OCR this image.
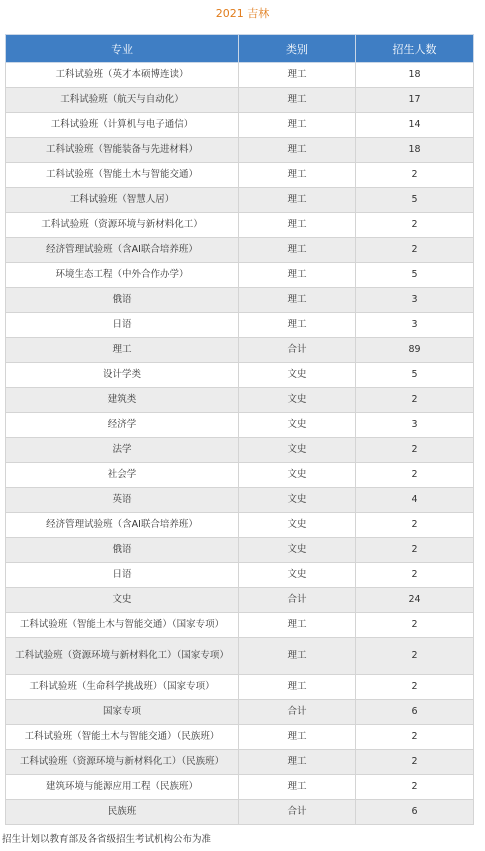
2021 吉林
专业	类别	招生人数
工科试验班（英才本硕博连读）	理工	18
工科试验班（航天与自动化）	理工	17
工科试验班（计算机与电子通信）	理工	14
工科试验班（智能装备与先进材料）	理工	18
工科试验班（智能土木与智能交通）	理工	2
工科试验班（智慧人居）	理工	5
工科试验班（资源环境与新材料化工）	理工	2
经济管理试验班（含AI联合培养班）	理工	2
环境生态工程（中外合作办学）	理工	5
俄语	理工	3
日语	理工	3
理工	合计	89
设计学类	文史	5
建筑类	文史	2
经济学	文史	3
法学	文史	2
社会学	文史	2
英语	文史	4
经济管理试验班（含AI联合培养班）	文史	2
俄语	文史	2
日语	文史	2
文史	合计	24
工科试验班（智能土木与智能交通）（国家专项）	理工	2
工科试验班（资源环境与新材料化工）（国家专项）	理工	2
工科试验班（生命科学挑战班）（国家专项）	理工	2
国家专项	合计	6
工科试验班（智能土木与智能交通）（民族班）	理工	2
工科试验班（资源环境与新材料化工）（民族班）	理工	2
建筑环境与能源应用工程（民族班）	理工	2
民族班	合计	6
招生计划以教育部及各省级招生考试机构公布为准
